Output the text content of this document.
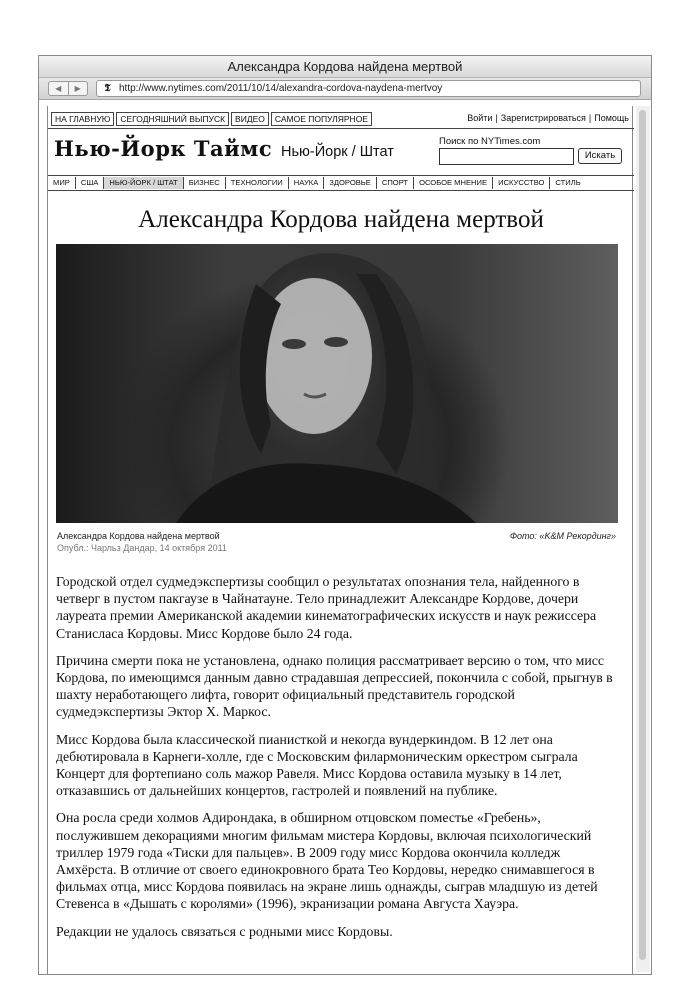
Александра Кордова найдена мертвой
◀	▶	𝕿 http://www.nytimes.com/2011/10/14/alexandra-cordova-naydena-mertvoy
НА ГЛАВНУЮ	СЕГОДНЯШНИЙ ВЫПУСК	ВИДЕО	САМОЕ ПОПУЛЯРНОЕ	Войти | Зарегистрироваться | Помощь
Нью-Йорк Таймс Нью-Йорк / Штат
Поиск по NYTimes.com
Искать
МИР	США	НЬЮ-ЙОРК / ШТАТ	БИЗНЕС	ТЕХНОЛОГИИ	НАУКА	ЗДОРОВЬЕ	СПОРТ	ОСОБОЕ МНЕНИЕ	ИСКУССТВО	СТИЛЬ
Александра Кордова найдена мертвой
Александра Кордова найдена мертвой
Опубл.: Чарльз Дандар, 14 октября 2011
Фото: «K&M Рекординг»

Городской отдел судмедэкспертизы сообщил о результатах опознания тела, найденного в четверг в пустом пакгаузе в Чайнатауне. Тело принадлежит Александре Кордове, дочери лауреата премии Американской академии кинематографических искусств и наук режиссера Станисласа Кордовы. Мисс Кордове было 24 года.

Причина смерти пока не установлена, однако полиция рассматривает версию о том, что мисс Кордова, по имеющимся данным давно страдавшая депрессией, покончила с собой, прыгнув в шахту неработающего лифта, говорит официальный представитель городской судмедэкспертизы Эктор Х. Маркос.

Мисс Кордова была классической пианисткой и некогда вундеркиндом. В 12 лет она дебютировала в Карнеги-холле, где с Московским филармоническим оркестром сыграла Концерт для фортепиано соль мажор Равеля. Мисс Кордова оставила музыку в 14 лет, отказавшись от дальнейших концертов, гастролей и появлений на публике.

Она росла среди холмов Адирондака, в обширном отцовском поместье «Гребень», послужившем декорациями многим фильмам мистера Кордовы, включая психологический триллер 1979 года «Тиски для пальцев». В 2009 году мисс Кордова окончила колледж Амхёрста. В отличие от своего единокровного брата Тео Кордовы, нередко снимавшегося в фильмах отца, мисс Кордова появилась на экране лишь однажды, сыграв младшую из детей Стевенса в «Дышать с королями» (1996), экранизации романа Августа Хауэра.

Редакции не удалось связаться с родными мисс Кордовы.
